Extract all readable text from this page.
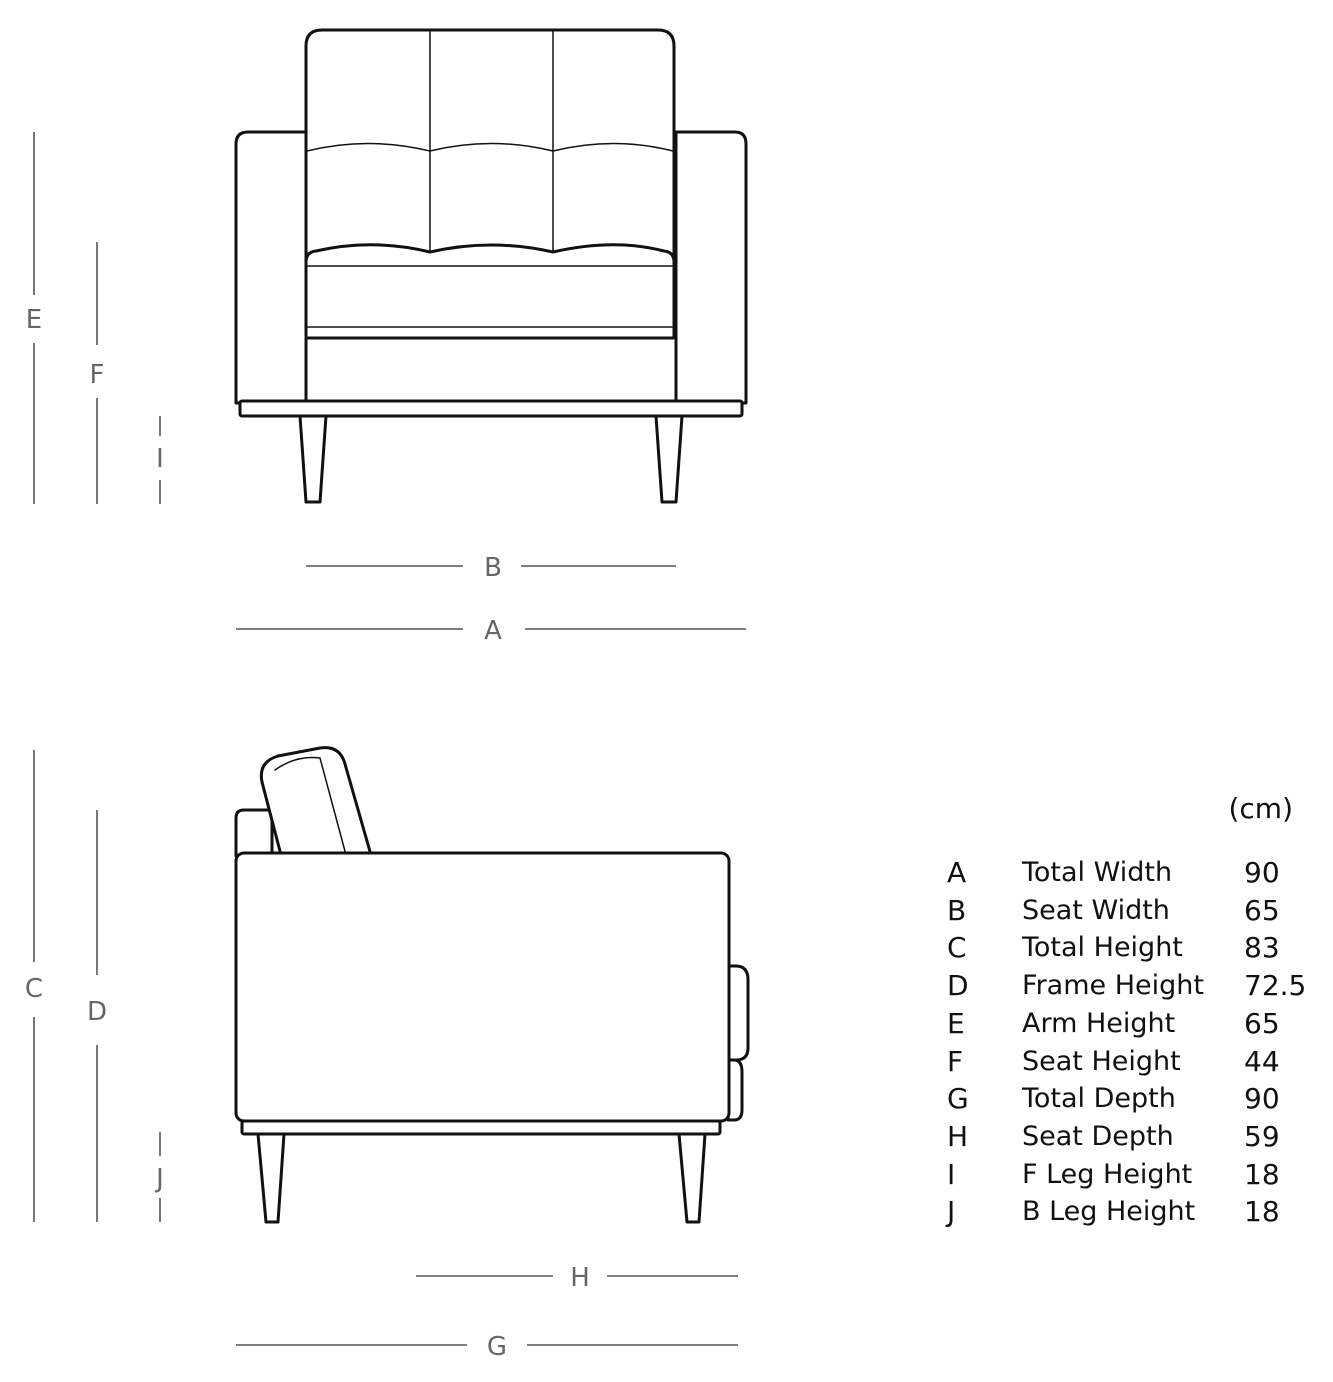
E
F
I
B
A
C
D
J
H
G
(cm)
A Total Width	90
B Seat Width	65
C Total Height 83
D Frame Height 72.5
E Arm Height 65
F Seat Height 44
G Total Depth 90
H Seat Depth	59
I F Leg Height 18
J B Leg Height 18
